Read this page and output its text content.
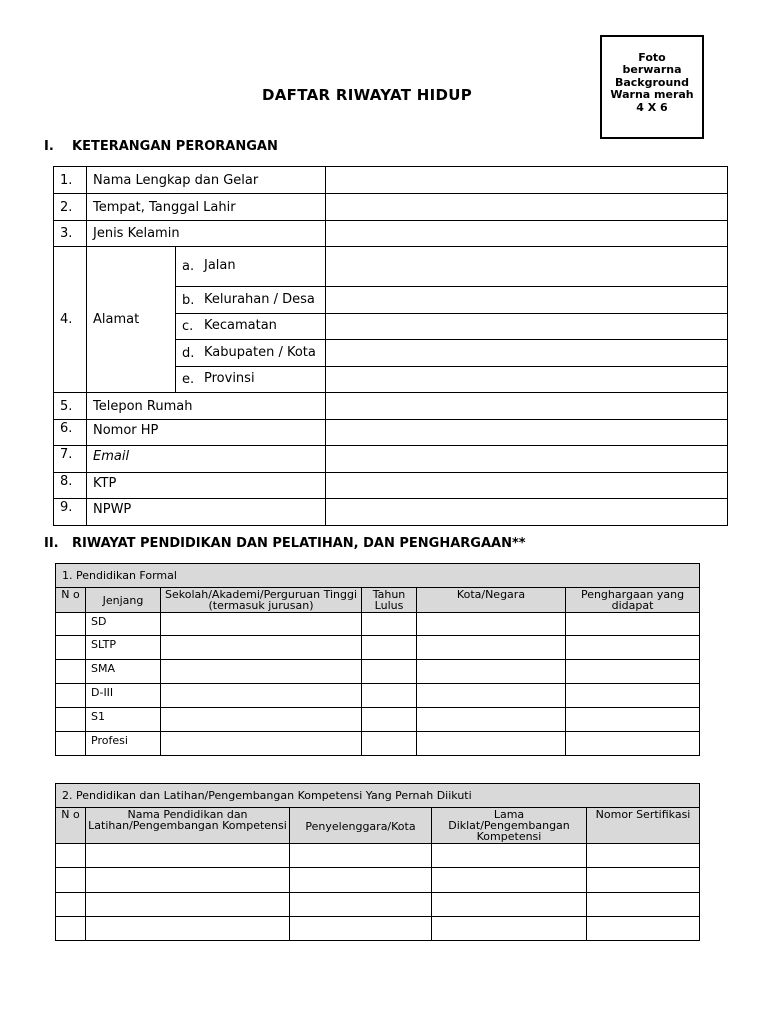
Foto
berwarna
Background
Warna merah
4 X 6
DAFTAR RIWAYAT HIDUP
I. KETERANGAN PERORANGAN
1.	Nama Lengkap dan Gelar		
2.	Tempat, Tanggal Lahir		
3.	Jenis Kelamin		
4.	Alamat	a. Jalan	

		b. Kelurahan / Desa	

		c. Kecamatan	

		d. Kabupaten / Kota	

		e. Provinsi	

5.	Telepon Rumah		
6.	Nomor HP		
7.	Email		
8.	KTP		
9.	NPWP		
II. RIWAYAT PENDIDIKAN DAN PELATIHAN, DAN PENGHARGAAN**
1. Pendidikan Formal					
N o	Jenjang	Sekolah/Akademi/Perguruan Tinggi (termasuk jurusan)	Tahun Lulus	Kota/Negara	Penghargaan yang didapat
	SD				
	SLTP				
	SMA				
	D-III				
	S1				
	Profesi				
2. Pendidikan dan Latihan/Pengembangan Kompetensi Yang Pernah Diikuti				
N o	Nama Pendidikan dan Latihan/Pengembangan Kompetensi	Penyelenggara/Kota	Lama Diklat/Pengembangan Kompetensi	Nomor Sertifikasi
